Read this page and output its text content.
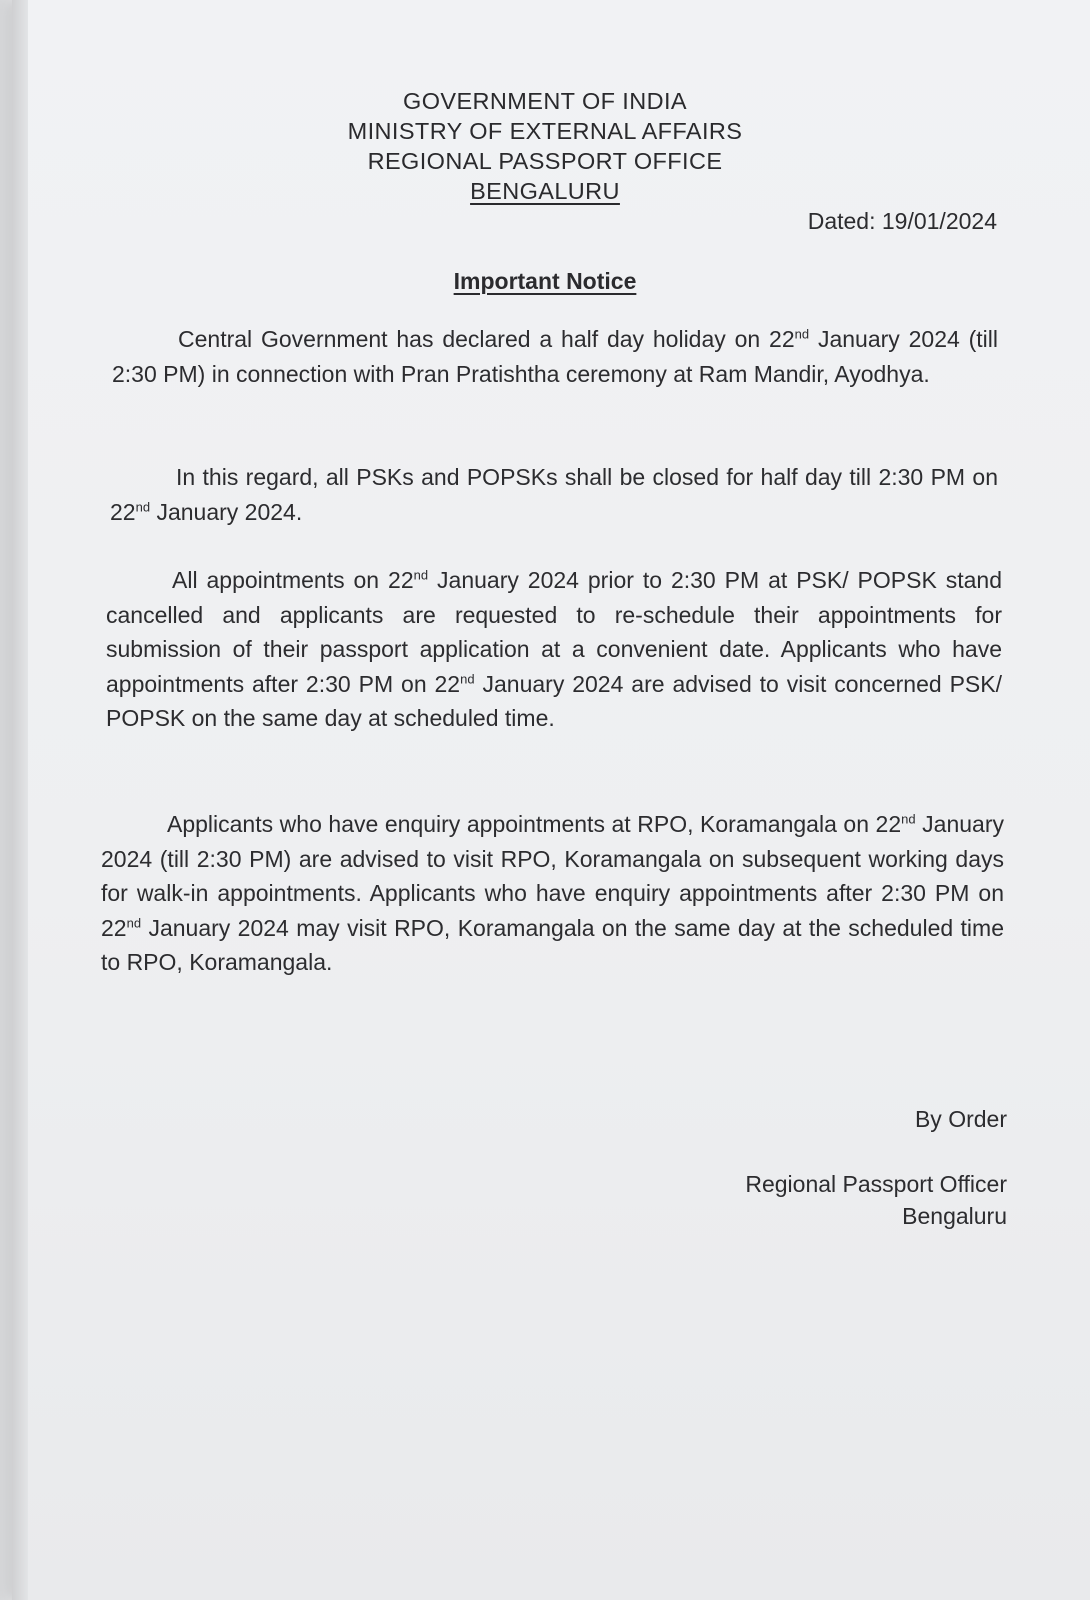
GOVERNMENT OF INDIA
MINISTRY OF EXTERNAL AFFAIRS
REGIONAL PASSPORT OFFICE
BENGALURU
Dated: 19/01/2024
Important Notice
Central Government has declared a half day holiday on 22nd January 2024 (till 2:30 PM) in connection with Pran Pratishtha ceremony at Ram Mandir, Ayodhya.
In this regard, all PSKs and POPSKs shall be closed for half day till 2:30 PM on 22nd January 2024.
All appointments on 22nd January 2024 prior to 2:30 PM at PSK/ POPSK stand cancelled and applicants are requested to re-schedule their appointments for submission of their passport application at a convenient date. Applicants who have appointments after 2:30 PM on 22nd January 2024 are advised to visit concerned PSK/ POPSK on the same day at scheduled time.
Applicants who have enquiry appointments at RPO, Koramangala on 22nd January 2024 (till 2:30 PM) are advised to visit RPO, Koramangala on subsequent working days for walk-in appointments. Applicants who have enquiry appointments after 2:30 PM on 22nd January 2024 may visit RPO, Koramangala on the same day at the scheduled time to RPO, Koramangala.
By Order
Regional Passport Officer
Bengaluru
